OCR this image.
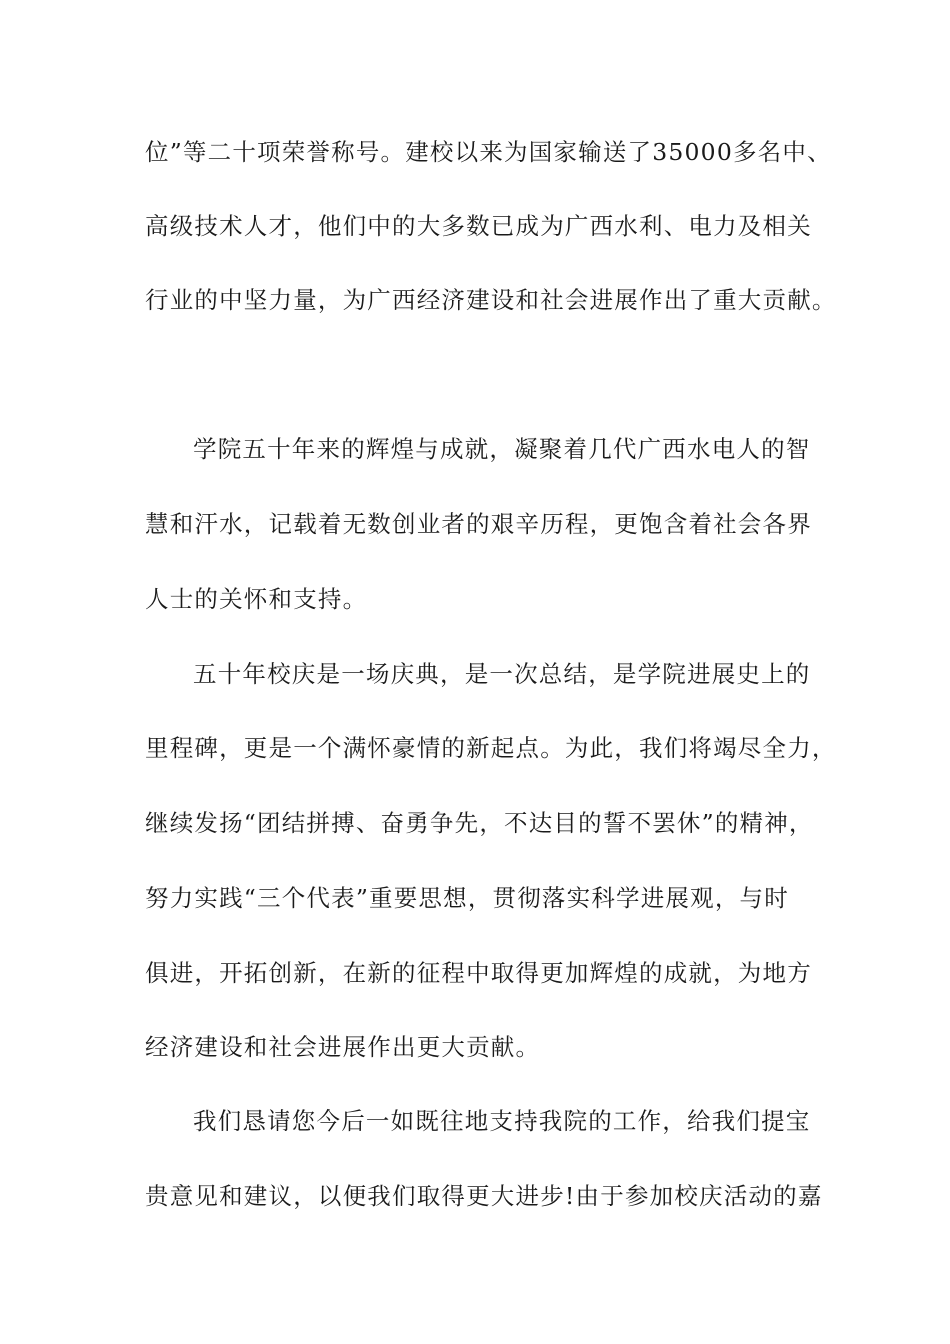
位”等二十项荣誉称号。建校以来为国家输送了35000多名中、
高级技术人才，他们中的大多数已成为广西水利、电力及相关
行业的中坚力量，为广西经济建设和社会进展作出了重大贡献。
学院五十年来的辉煌与成就，凝聚着几代广西水电人的智
慧和汗水，记载着无数创业者的艰辛历程，更饱含着社会各界
人士的关怀和支持。
五十年校庆是一场庆典，是一次总结，是学院进展史上的
里程碑，更是一个满怀豪情的新起点。为此，我们将竭尽全力，
继续发扬“团结拼搏、奋勇争先，不达目的誓不罢休”的精神，
努力实践“三个代表”重要思想，贯彻落实科学进展观，与时
俱进，开拓创新，在新的征程中取得更加辉煌的成就，为地方
经济建设和社会进展作出更大贡献。
我们恳请您今后一如既往地支持我院的工作，给我们提宝
贵意见和建议，以便我们取得更大进步!由于参加校庆活动的嘉
